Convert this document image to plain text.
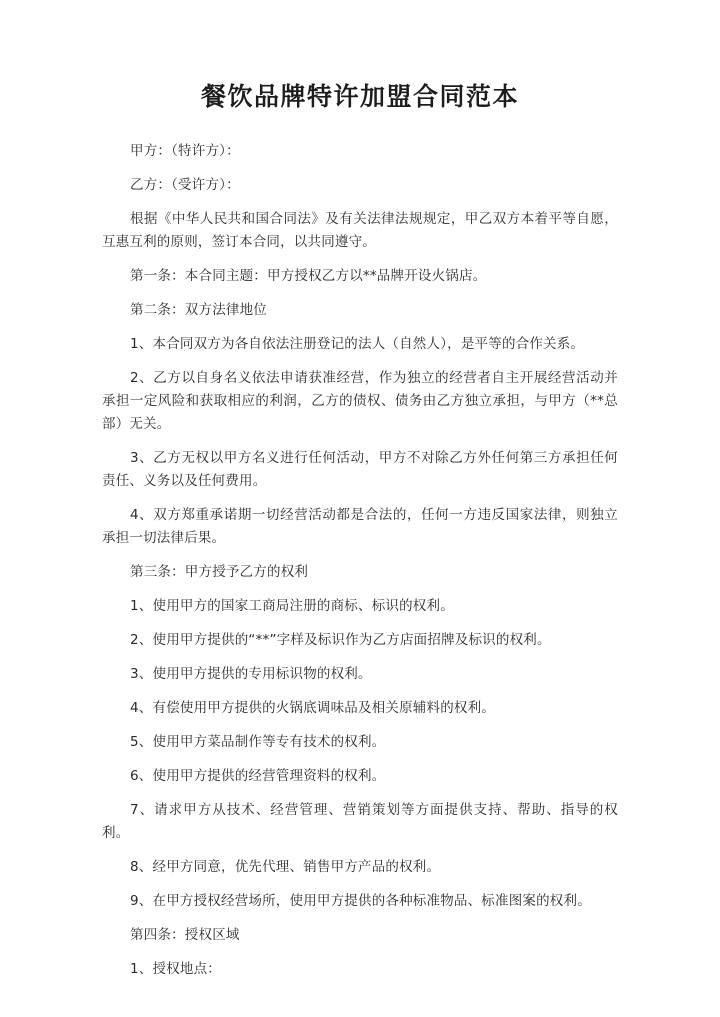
餐饮品牌特许加盟合同范本

甲方：（特许方）：

乙方：（受许方）：

根据《中华人民共和国合同法》及有关法律法规规定，甲乙双方本着平等自愿，互惠互利的原则，签订本合同，以共同遵守。

第一条：本合同主题：甲方授权乙方以**品牌开设火锅店。

第二条：双方法律地位

1、本合同双方为各自依法注册登记的法人（自然人），是平等的合作关系。

2、乙方以自身名义依法申请获准经营，作为独立的经营者自主开展经营活动并承担一定风险和获取相应的利润，乙方的债权、债务由乙方独立承担，与甲方（**总部）无关。

3、乙方无权以甲方名义进行任何活动，甲方不对除乙方外任何第三方承担任何责任、义务以及任何费用。

4、双方郑重承诺期一切经营活动都是合法的，任何一方违反国家法律，则独立承担一切法律后果。

第三条：甲方授予乙方的权利

1、使用甲方的国家工商局注册的商标、标识的权利。

2、使用甲方提供的“**”字样及标识作为乙方店面招牌及标识的权利。

3、使用甲方提供的专用标识物的权利。

4、有偿使用甲方提供的火锅底调味品及相关原辅料的权利。

5、使用甲方菜品制作等专有技术的权利。

6、使用甲方提供的经营管理资料的权利。

7、请求甲方从技术、经营管理、营销策划等方面提供支持、帮助、指导的权利。

8、经甲方同意，优先代理、销售甲方产品的权利。

9、在甲方授权经营场所，使用甲方提供的各种标准物品、标准图案的权利。

第四条：授权区域

1、授权地点：
